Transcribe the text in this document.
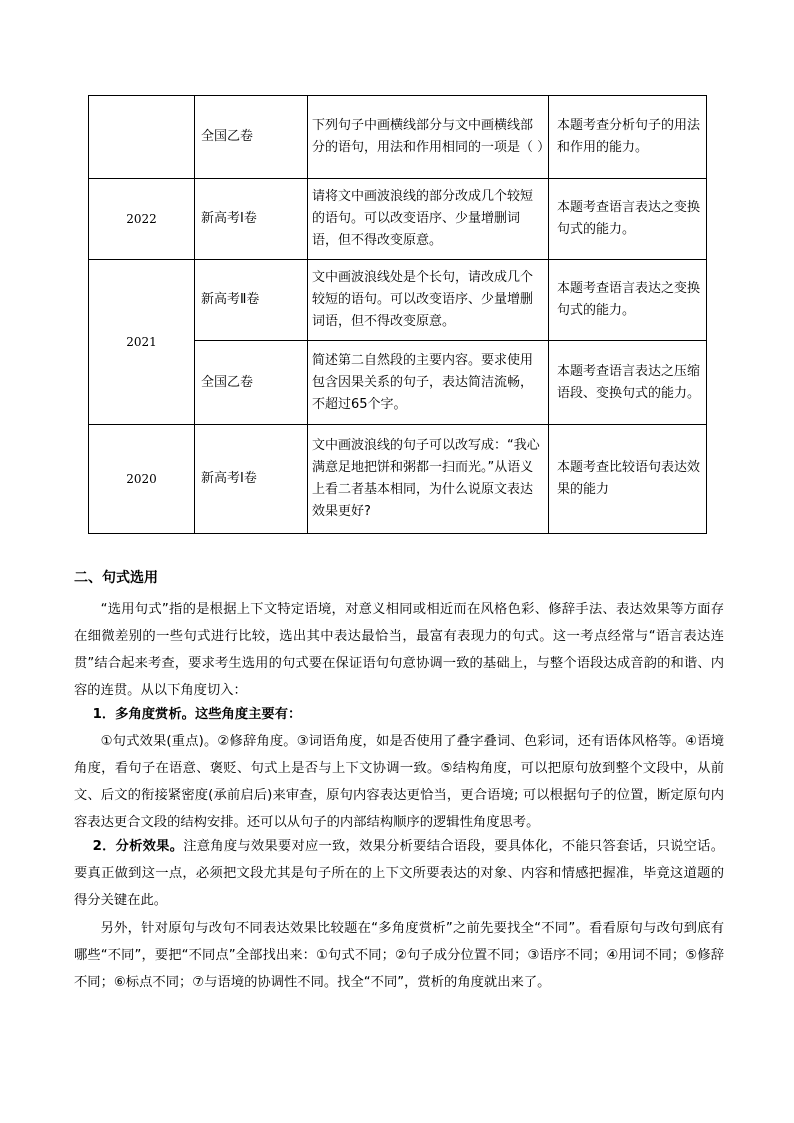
	全国乙卷	下列句子中画横线部分与文中画横线部分的语句，用法和作用相同的一项是（ ）	本题考查分析句子的用法和作用的能力。
2022	新高考Ⅰ卷	请将文中画波浪线的部分改成几个较短的语句。可以改变语序、少量增删词语，但不得改变原意。	本题考查语言表达之变换句式的能力。
2021	新高考Ⅱ卷	文中画波浪线处是个长句，请改成几个较短的语句。可以改变语序、少量增删词语，但不得改变原意。	本题考查语言表达之变换句式的能力。
	全国乙卷	简述第二自然段的主要内容。要求使用包含因果关系的句子，表达简洁流畅，不超过65个字。	本题考查语言表达之压缩语段、变换句式的能力。
2020	新高考Ⅰ卷	文中画波浪线的句子可以改写成：“我心满意足地把饼和粥都一扫而光。”从语义上看二者基本相同，为什么说原文表达效果更好?	本题考查比较语句表达效果的能力
二、句式选用

“选用句式”指的是根据上下文特定语境，对意义相同或相近而在风格色彩、修辞手法、表达效果等方面存在细微差别的一些句式进行比较，选出其中表达最恰当，最富有表现力的句式。这一考点经常与“语言表达连贯”结合起来考查，要求考生选用的句式要在保证语句句意协调一致的基础上，与整个语段达成音韵的和谐、内容的连贯。从以下角度切入：

1．多角度赏析。这些角度主要有：

①句式效果(重点)。②修辞角度。③词语角度，如是否使用了叠字叠词、色彩词，还有语体风格等。④语境角度，看句子在语意、褒贬、句式上是否与上下文协调一致。⑤结构角度，可以把原句放到整个文段中，从前文、后文的衔接紧密度(承前启后)来审查，原句内容表达更恰当，更合语境; 可以根据句子的位置，断定原句内容表达更合文段的结构安排。还可以从句子的内部结构顺序的逻辑性角度思考。

2．分析效果。注意角度与效果要对应一致，效果分析要结合语段，要具体化，不能只答套话，只说空话。要真正做到这一点，必须把文段尤其是句子所在的上下文所要表达的对象、内容和情感把握准，毕竟这道题的得分关键在此。

另外，针对原句与改句不同表达效果比较题在“多角度赏析”之前先要找全“不同”。看看原句与改句到底有哪些“不同”，要把“不同点”全部找出来：①句式不同；②句子成分位置不同；③语序不同；④用词不同；⑤修辞不同；⑥标点不同；⑦与语境的协调性不同。找全“不同”，赏析的角度就出来了。
